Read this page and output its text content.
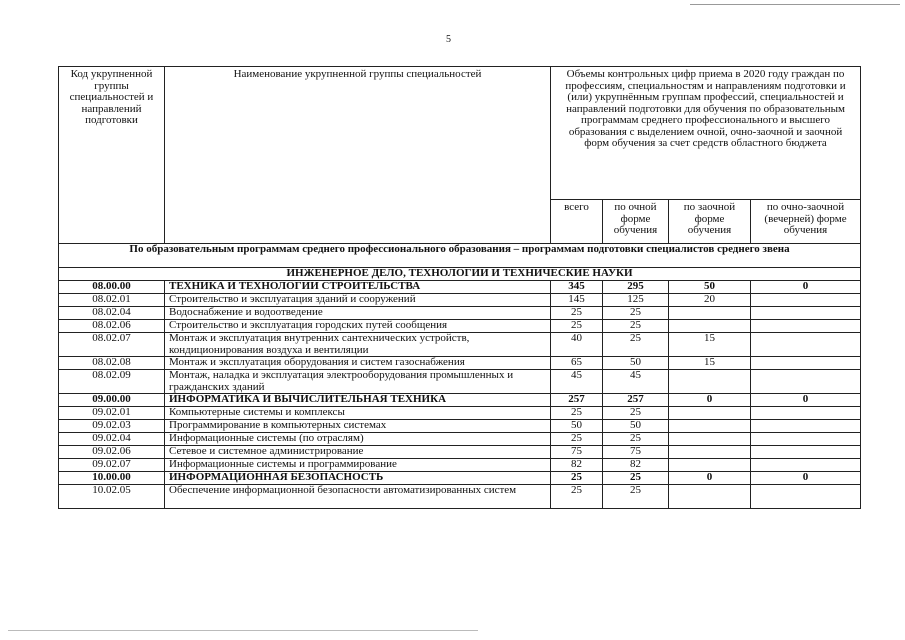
5
Код укрупненной группы специальностей и направлений подготовки	Наименование укрупненной группы специальностей	Объемы контрольных цифр приема в 2020 году граждан по профессиям, специальностям и направлениям подготовки и (или) укрупнённым группам профессий, специальностей и направлений подготовки для обучения по образовательным программам среднего профессионального и высшего образования с выделением очной, очно-заочной и заочной форм обучения за счет средств областного бюджета			
		всего	по очной форме обучения	по заочной форме обучения	по очно-заочной (вечерней) форме обучения
По образовательным программам среднего профессионального образования – программам подготовки специалистов среднего звена					
ИНЖЕНЕРНОЕ ДЕЛО, ТЕХНОЛОГИИ И ТЕХНИЧЕСКИЕ НАУКИ					
08.00.00	ТЕХНИКА И ТЕХНОЛОГИИ СТРОИТЕЛЬСТВА	345	295	50	0
08.02.01	Строительство и эксплуатация зданий и сооружений	145	125	20	
08.02.04	Водоснабжение и водоотведение	25	25		
08.02.06	Строительство и эксплуатация городских путей сообщения	25	25		
08.02.07	Монтаж и эксплуатация внутренних сантехнических устройств, кондиционирования воздуха и вентиляции	40	25	15	
08.02.08	Монтаж и эксплуатация оборудования и систем газоснабжения	65	50	15	
08.02.09	Монтаж, наладка и эксплуатация электрооборудования промышленных и гражданских зданий	45	45		
09.00.00	ИНФОРМАТИКА И ВЫЧИСЛИТЕЛЬНАЯ ТЕХНИКА	257	257	0	0
09.02.01	Компьютерные системы и комплексы	25	25		
09.02.03	Программирование в компьютерных системах	50	50		
09.02.04	Информационные системы (по отраслям)	25	25		
09.02.06	Сетевое и системное администрирование	75	75		
09.02.07	Информационные системы и программирование	82	82		
10.00.00	ИНФОРМАЦИОННАЯ БЕЗОПАСНОСТЬ	25	25	0	0
10.02.05	Обеспечение информационной безопасности автоматизированных систем	25	25		
